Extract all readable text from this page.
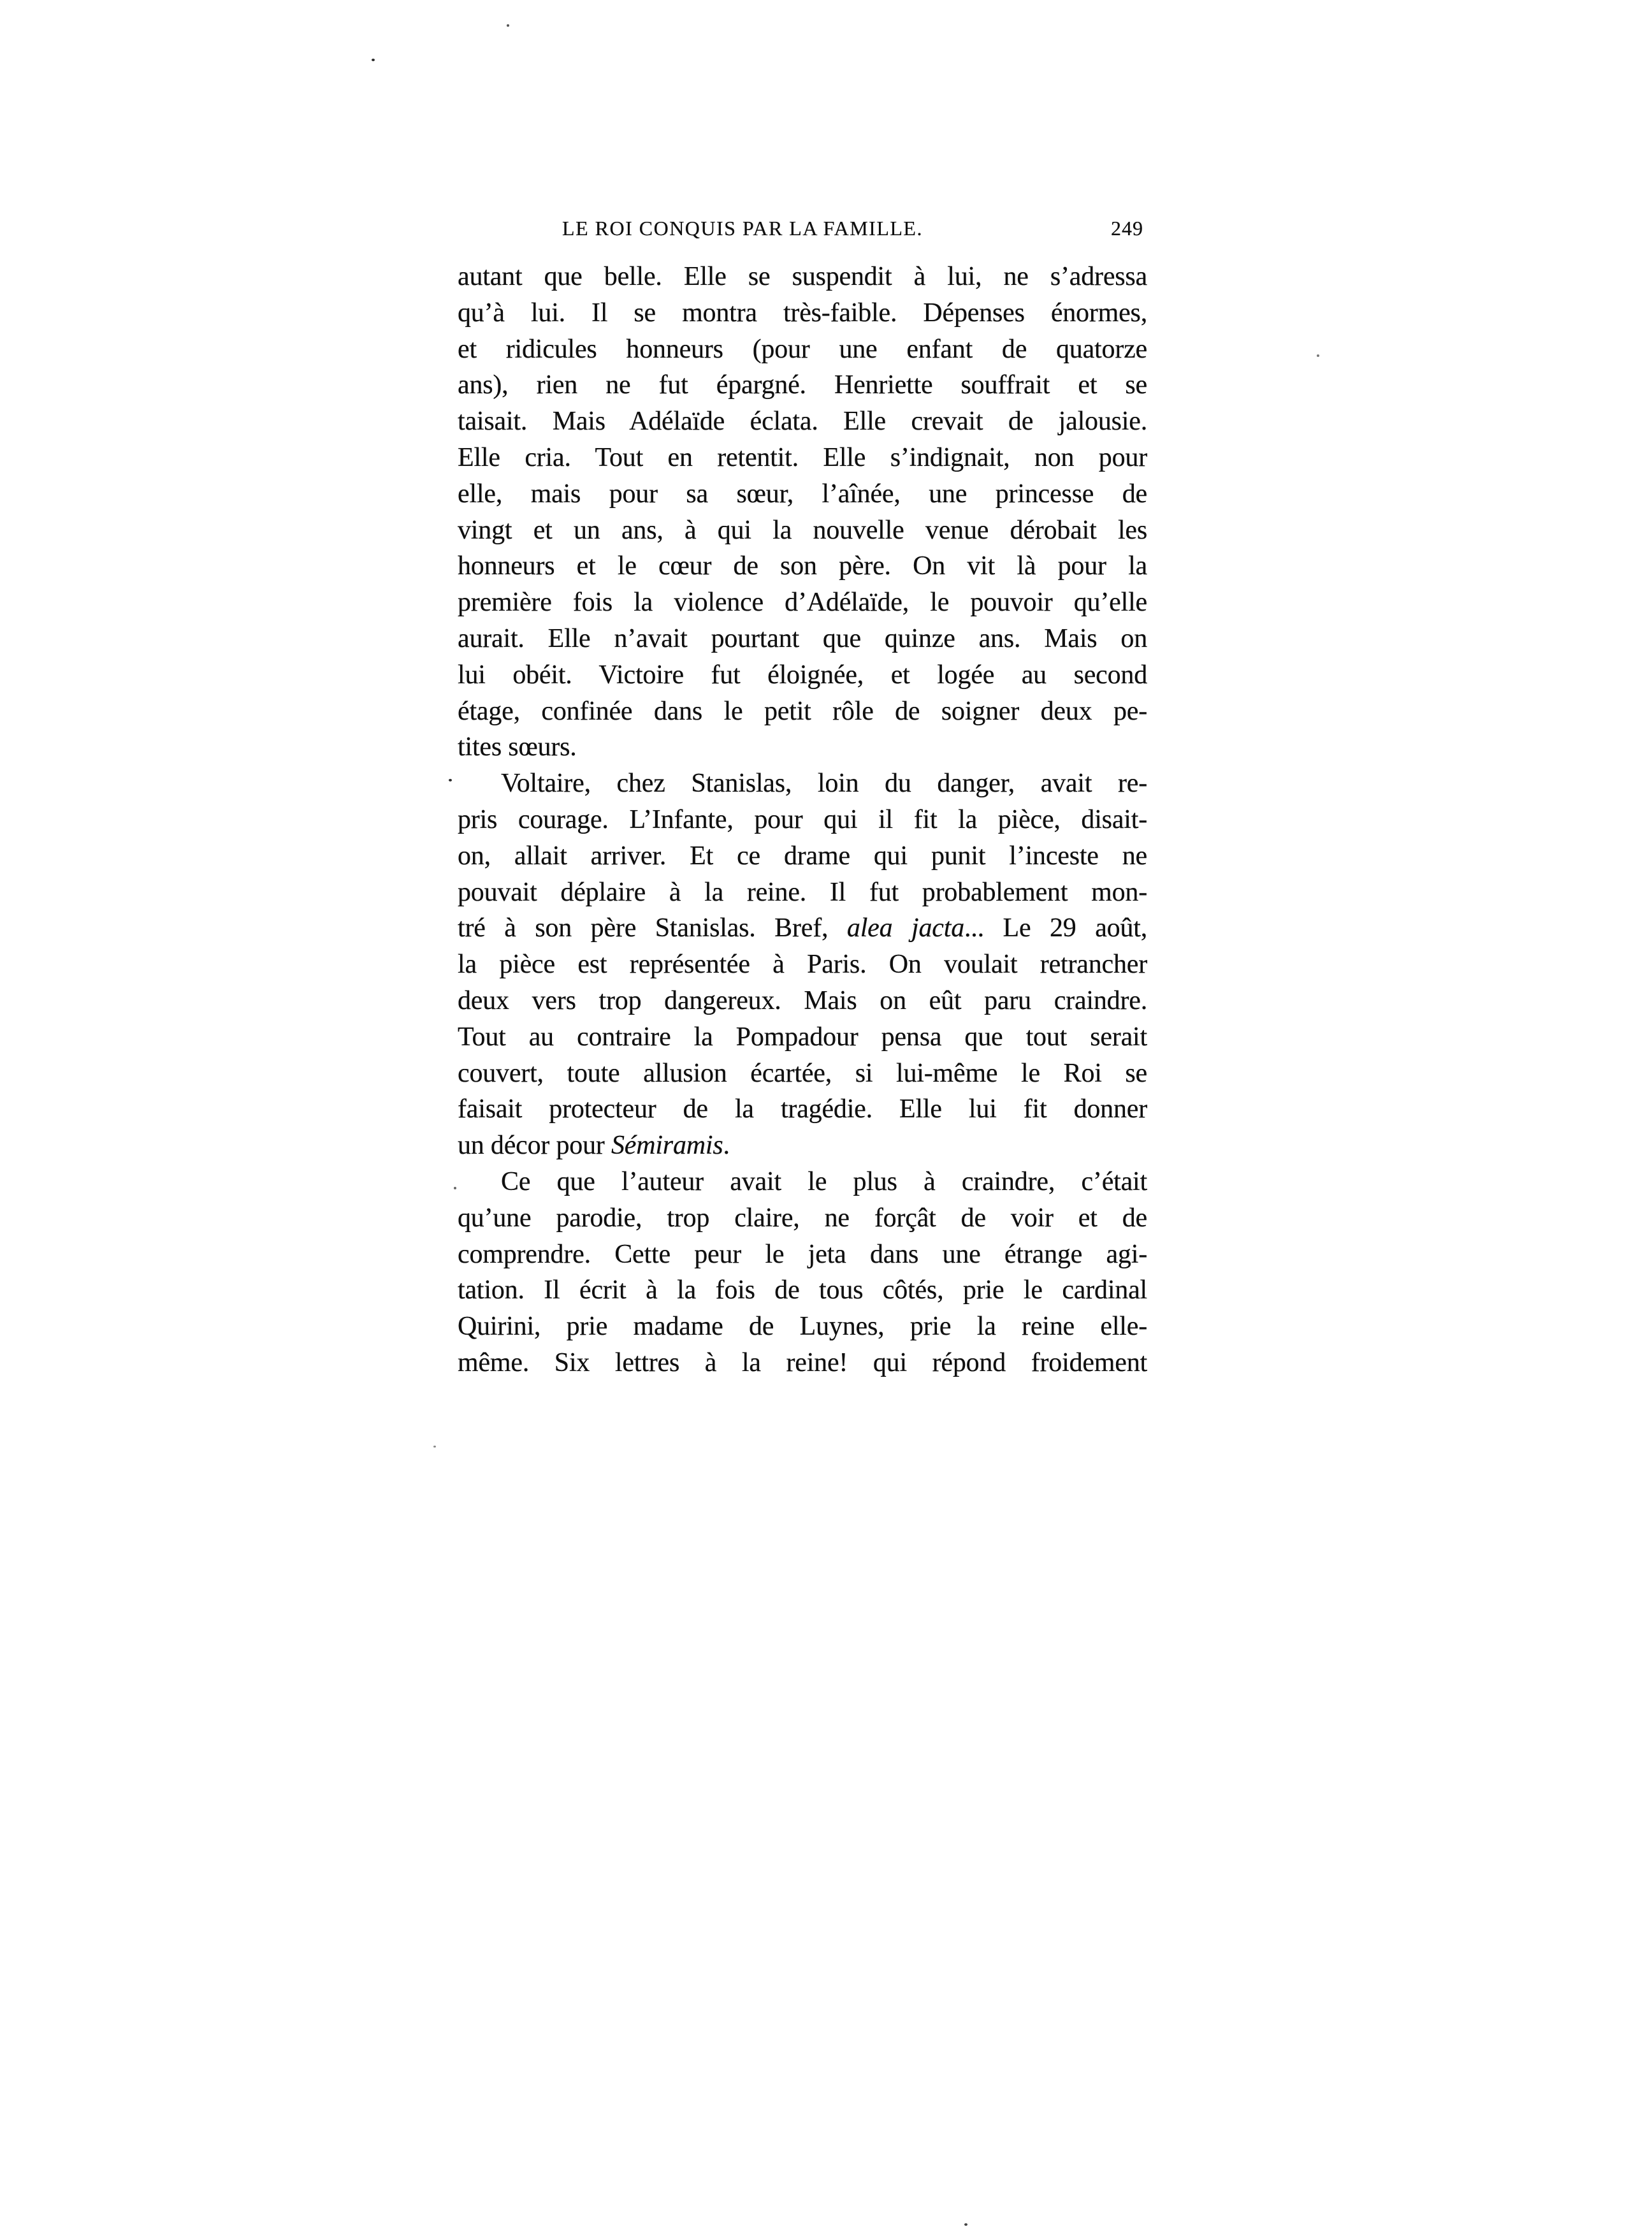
LE ROI CONQUIS PAR LA FAMILLE.	249
autant que belle. Elle se suspendit à lui, ne s’adressa
qu’à lui. Il se montra très-faible. Dépenses énormes,
et ridicules honneurs (pour une enfant de quatorze
ans), rien ne fut épargné. Henriette souffrait et se
taisait. Mais Adélaïde éclata. Elle crevait de jalousie.
Elle cria. Tout en retentit. Elle s’indignait, non pour
elle, mais pour sa sœur, l’aînée, une princesse de
vingt et un ans, à qui la nouvelle venue dérobait les
honneurs et le cœur de son père. On vit là pour la
première fois la violence d’Adélaïde, le pouvoir qu’elle
aurait. Elle n’avait pourtant que quinze ans. Mais on
lui obéit. Victoire fut éloignée, et logée au second
étage, confinée dans le petit rôle de soigner deux pe-
tites sœurs.
Voltaire, chez Stanislas, loin du danger, avait re-
pris courage. L’Infante, pour qui il fit la pièce, disait-
on, allait arriver. Et ce drame qui punit l’inceste ne
pouvait déplaire à la reine. Il fut probablement mon-
tré à son père Stanislas. Bref, alea jacta... Le 29 août,
la pièce est représentée à Paris. On voulait retrancher
deux vers trop dangereux. Mais on eût paru craindre.
Tout au contraire la Pompadour pensa que tout serait
couvert, toute allusion écartée, si lui-même le Roi se
faisait protecteur de la tragédie. Elle lui fit donner
un décor pour Sémiramis.
Ce que l’auteur avait le plus à craindre, c’était
qu’une parodie, trop claire, ne forçât de voir et de
comprendre. Cette peur le jeta dans une étrange agi-
tation. Il écrit à la fois de tous côtés, prie le cardinal
Quirini, prie madame de Luynes, prie la reine elle-
même. Six lettres à la reine! qui répond froidement
